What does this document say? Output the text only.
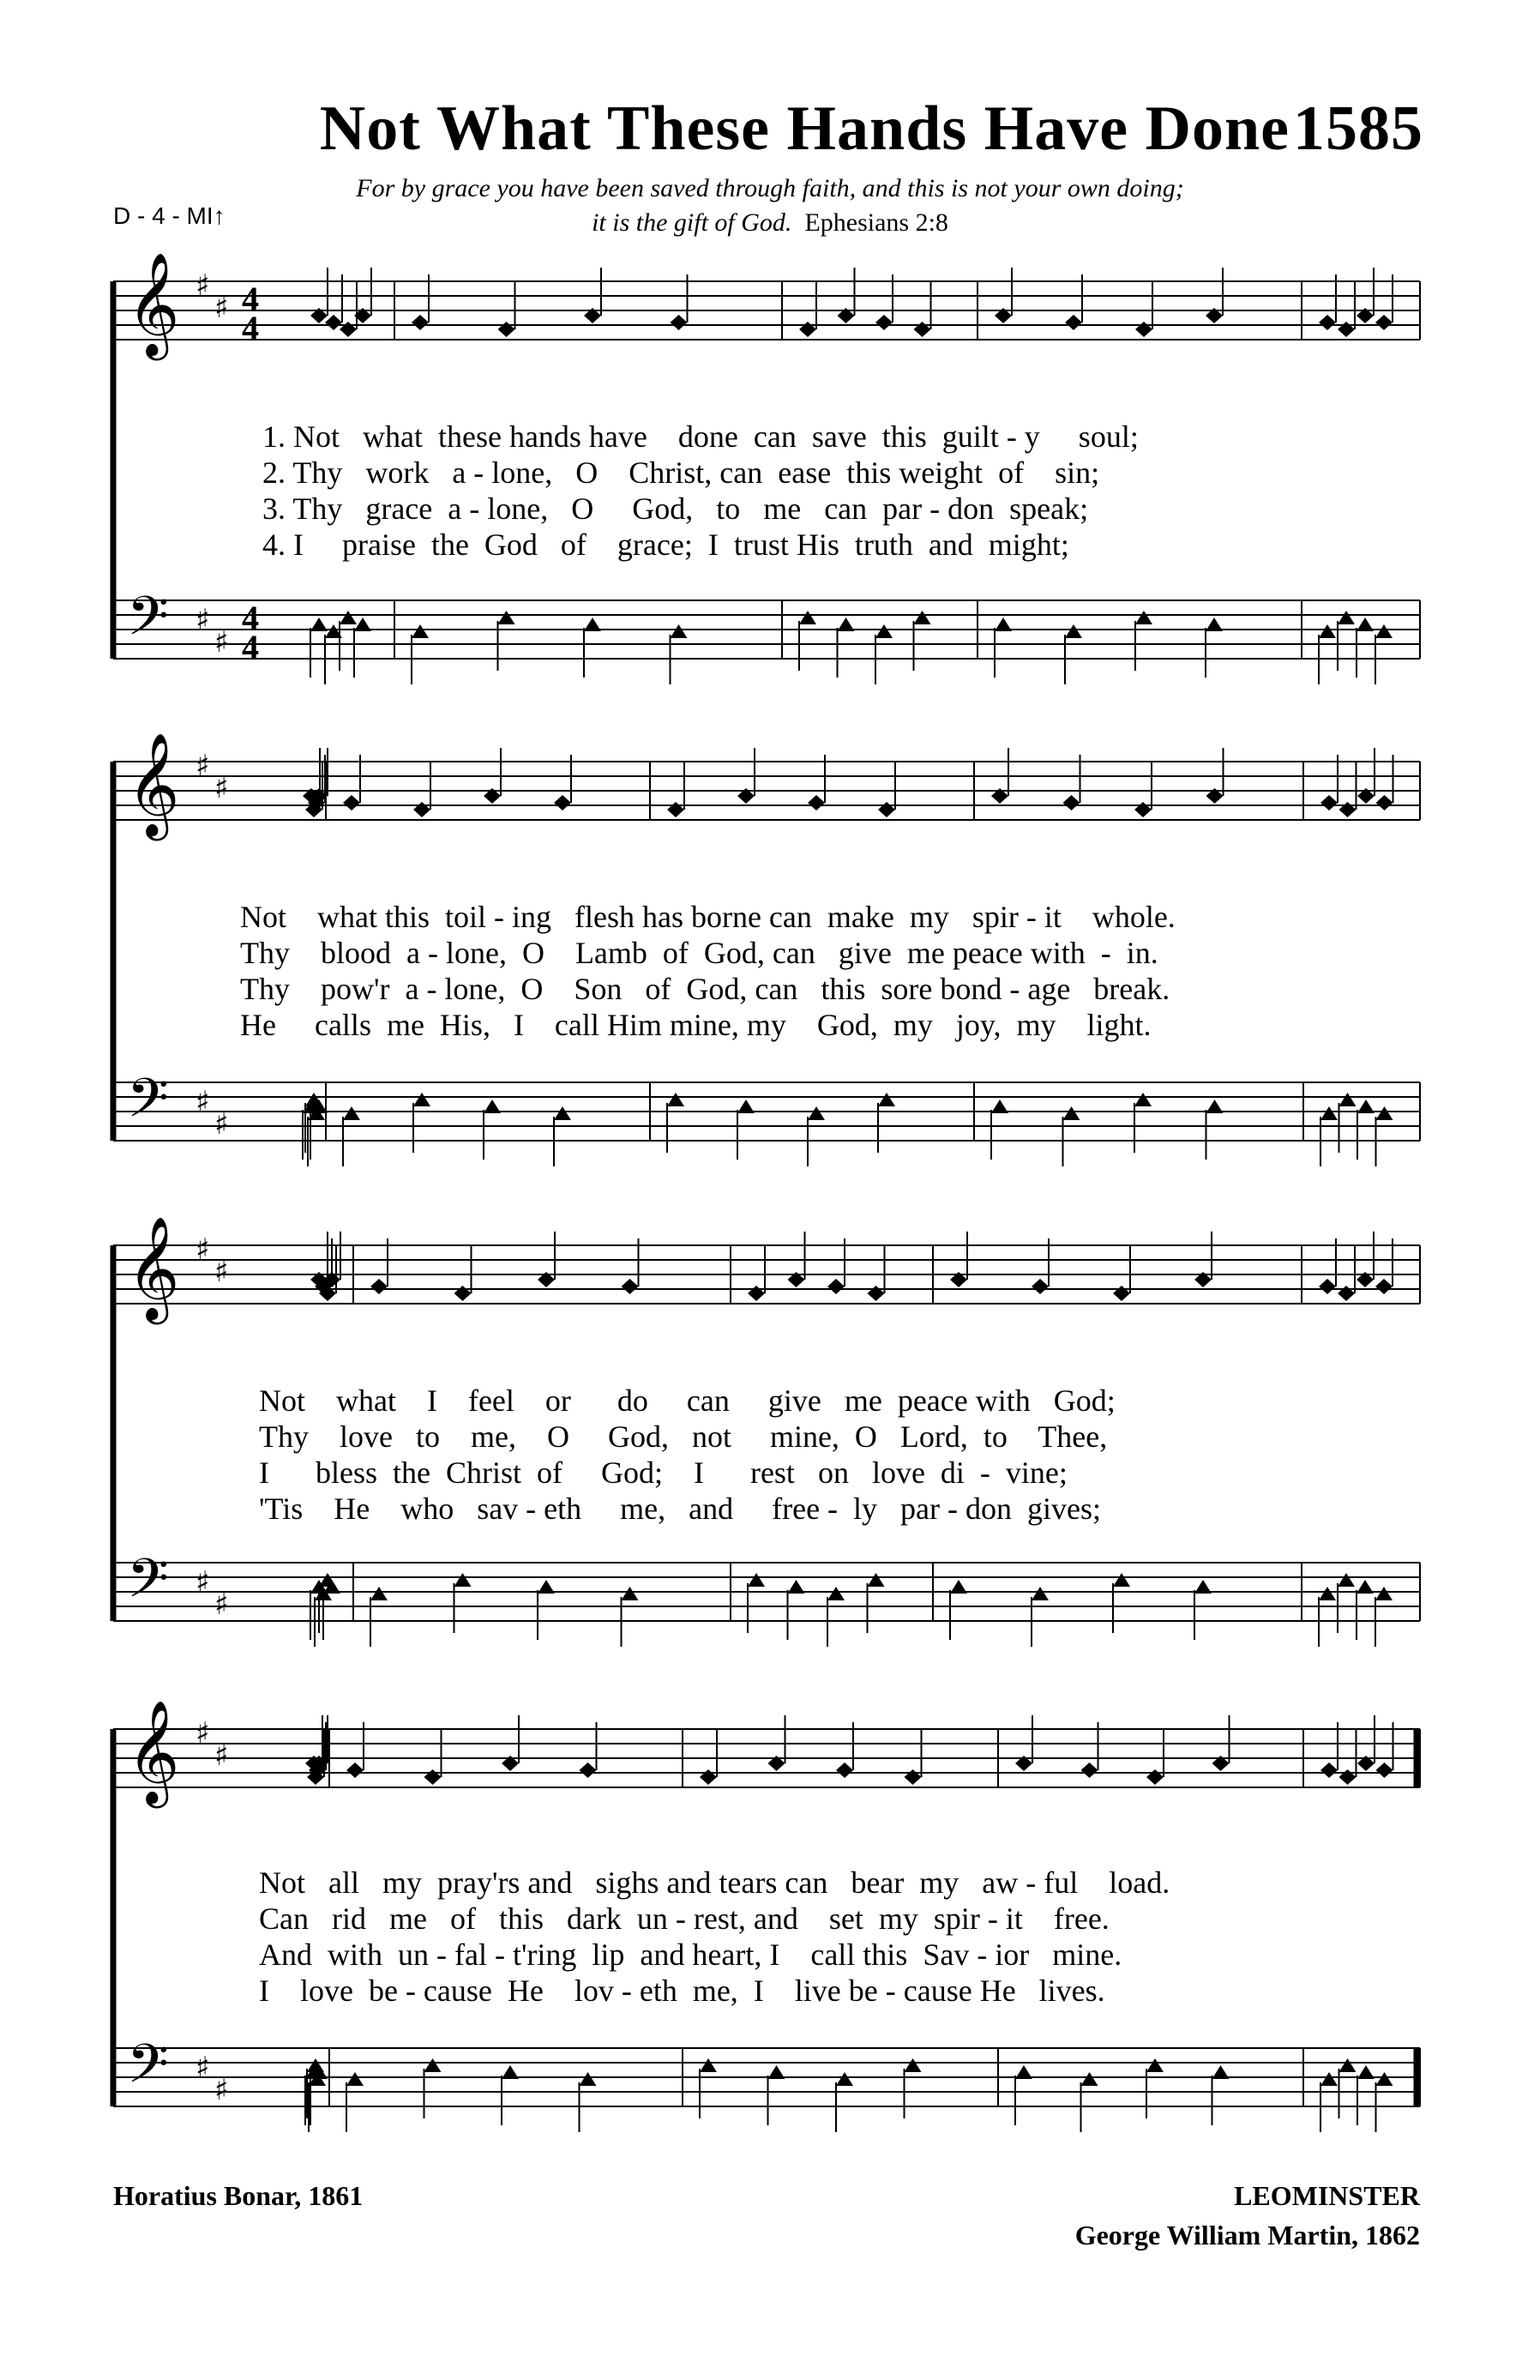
Not What These Hands Have Done1585
For by grace you have been saved through faith, and this is not your own doing;
it is the gift of God. Ephesians 2:8
D - 4 - MI↑
𝄞 ♯
♯ 4
4
𝄢 ♯
♯
4
4
𝄞 ♯
♯
𝄢 ♯
♯
𝄞 ♯
♯
𝄢 ♯
♯
𝄞 ♯
♯
𝄢 ♯
♯
1. Not   what  these hands have    done  can  save  this  guilt - y     soul;
2. Thy   work   a - lone,   O    Christ, can  ease  this weight  of    sin;
3. Thy   grace  a - lone,   O     God,   to   me   can  par - don  speak;
4. I     praise  the  God   of    grace;  I  trust His  truth  and  might;
Not    what this  toil - ing   flesh has borne can  make  my   spir - it    whole.
Thy    blood  a - lone,  O    Lamb  of  God, can   give  me peace with  -  in.
Thy    pow'r  a - lone,  O    Son   of  God, can   this  sore bond - age   break.
He     calls  me  His,   I    call Him mine, my    God,  my   joy,  my    light.
Not    what    I    feel    or      do     can     give   me  peace with   God;
Thy    love   to    me,    O     God,   not     mine,  O   Lord,  to    Thee,
I      bless  the  Christ  of     God;    I      rest   on   love  di  -  vine;
'Tis    He    who   sav - eth     me,   and     free -  ly   par - don  gives;
Not   all   my  pray'rs and   sighs and tears can   bear  my   aw - ful    load.
Can   rid   me   of   this   dark  un - rest, and    set  my  spir - it    free.
And  with  un - fal - t'ring  lip  and heart, I    call this  Sav - ior   mine.
I    love  be - cause  He    lov - eth  me,  I    live be - cause He   lives.
Horatius Bonar, 1861	LEOMINSTER
George William Martin, 1862
